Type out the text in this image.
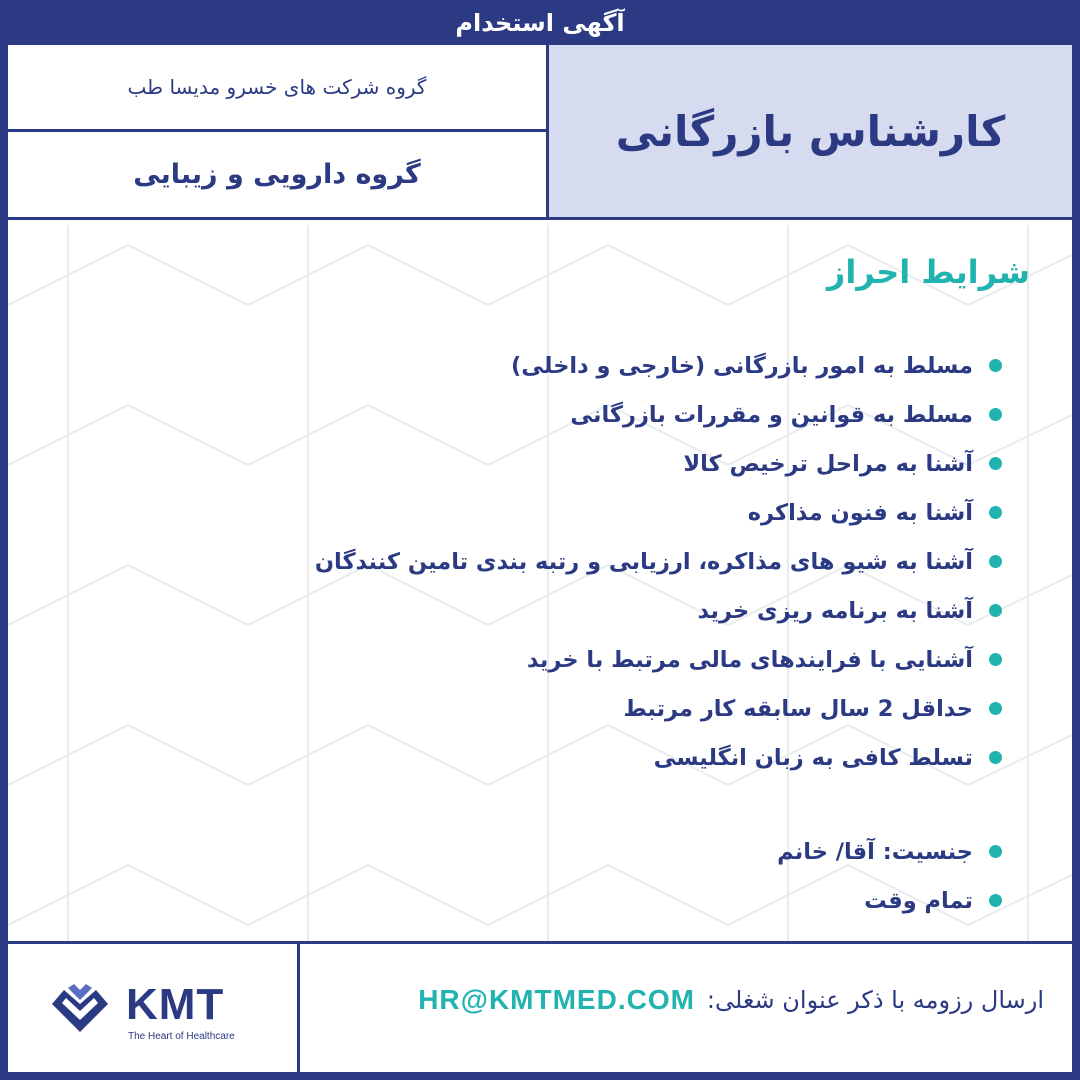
آگهی استخدام
کارشناس بازرگانی
گروه شرکت های خسرو مدیسا طب
گروه دارویی و زیبایی
شرایط احراز
مسلط به امور بازرگانی (خارجی و داخلی)
مسلط به قوانین و مقررات بازرگانی
آشنا به مراحل ترخیص کالا
آشنا به فنون مذاکره
آشنا به شیو های مذاکره، ارزیابی و رتبه بندی تامین کنندگان
آشنا به برنامه ریزی خرید
آشنایی با فرایندهای مالی مرتبط با خرید
حداقل 2 سال سابقه کار مرتبط
تسلط کافی به زبان انگلیسی
جنسیت: آقا/ خانم
تمام وقت
KMT
The Heart of Healthcare
ارسال رزومه با ذکر عنوان شغلی:
HR@KMTMED.COM
